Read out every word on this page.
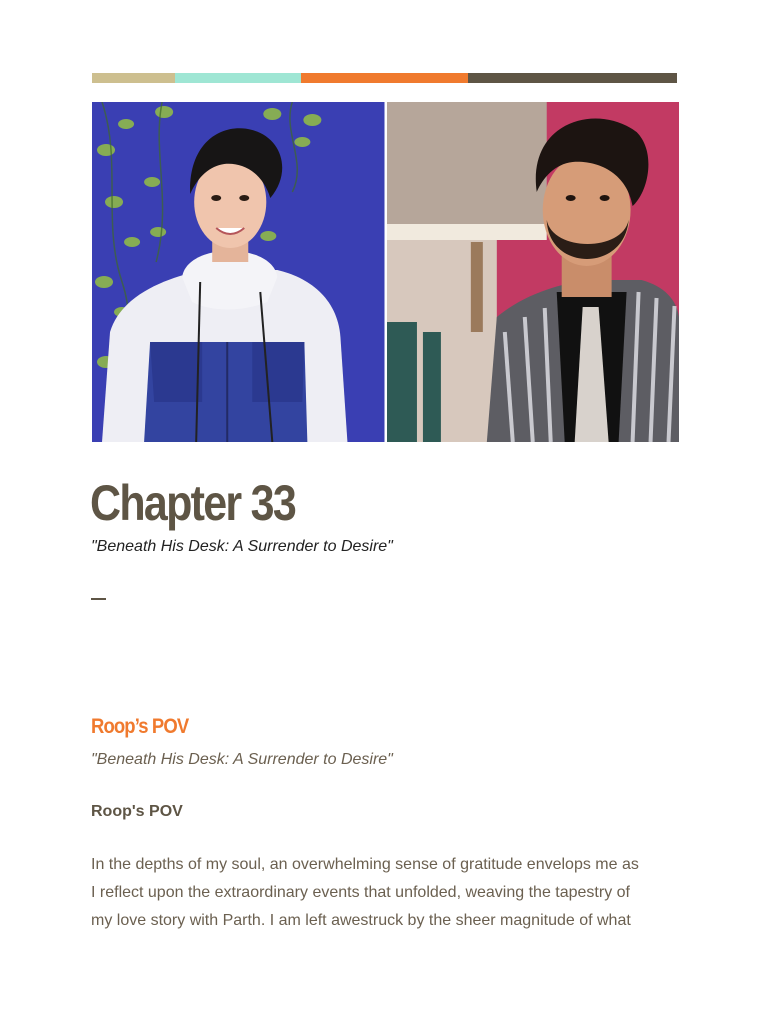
Chapter 33

"Beneath His Desk: A Surrender to Desire"

Roop’s POV

"Beneath His Desk: A Surrender to Desire"

Roop's POV

In the depths of my soul, an overwhelming sense of gratitude envelops me as
I reflect upon the extraordinary events that unfolded, weaving the tapestry of
my love story with Parth. I am left awestruck by the sheer magnitude of what
